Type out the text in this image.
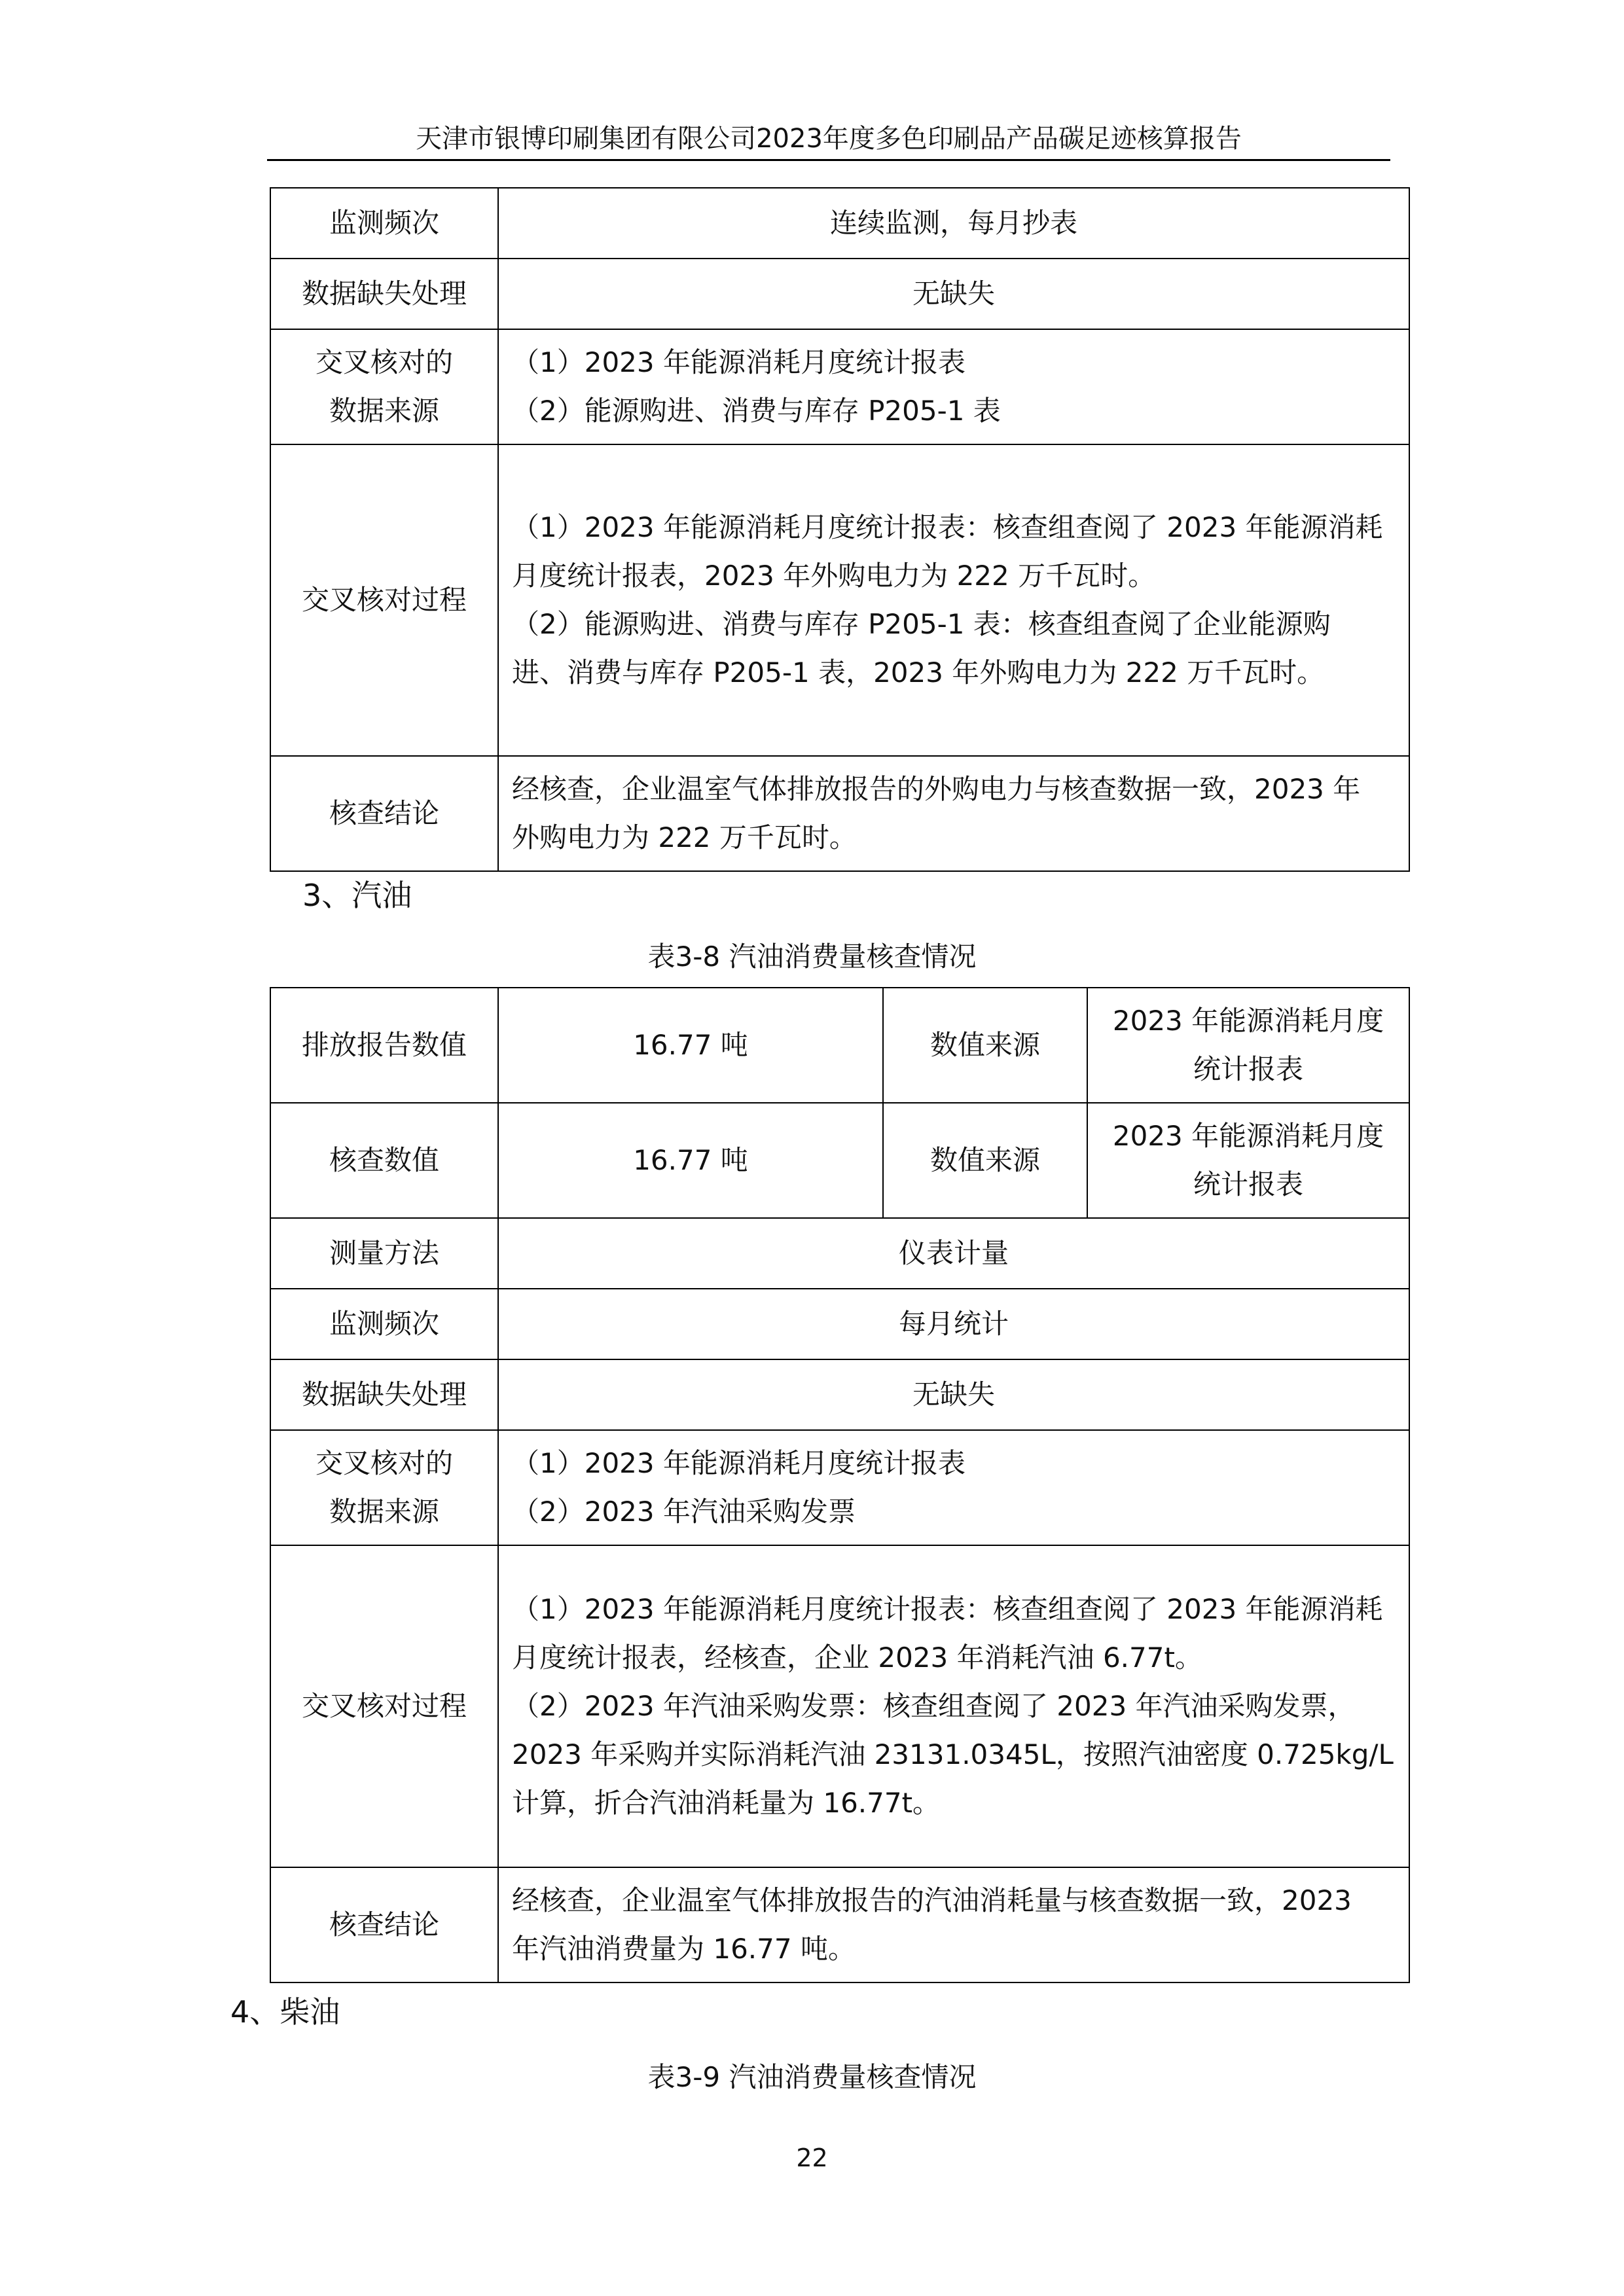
天津市银博印刷集团有限公司2023年度多色印刷品产品碳足迹核算报告
监测频次	连续监测，每月抄表
数据缺失处理	无缺失

交叉核对的
数据来源	（1）2023 年能源消耗月度统计报表
（2）能源购进、消费与库存 P205-1 表

交叉核对过程	（1）2023 年能源消耗月度统计报表：核查组查阅了 2023 年能源消耗
月度统计报表，2023 年外购电力为 222 万千瓦时。
（2）能源购进、消费与库存 P205-1 表：核查组查阅了企业能源购
进、消费与库存 P205-1 表，2023 年外购电力为 222 万千瓦时。

核查结论	经核查，企业温室气体排放报告的外购电力与核查数据一致，2023 年
外购电力为 222 万千瓦时。
3、汽油
表3-8 汽油消费量核查情况
排放报告数值	16.77 吨	数值来源	2023 年能源消耗月度
统计报表

核查数值	16.77 吨	数值来源	2023 年能源消耗月度
统计报表

测量方法	仪表计量		
监测频次	每月统计		
数据缺失处理	无缺失		

交叉核对的
数据来源	（1）2023 年能源消耗月度统计报表
（2）2023 年汽油采购发票		

交叉核对过程	（1）2023 年能源消耗月度统计报表：核查组查阅了 2023 年能源消耗
月度统计报表，经核查，企业 2023 年消耗汽油 6.77t。
（2）2023 年汽油采购发票：核查组查阅了 2023 年汽油采购发票，
2023 年采购并实际消耗汽油 23131.0345L，按照汽油密度 0.725kg/L
计算，折合汽油消耗量为 16.77t。		

核查结论	经核查，企业温室气体排放报告的汽油消耗量与核查数据一致，2023
年汽油消费量为 16.77 吨。		
4、柴油
表3-9 汽油消费量核查情况
22
